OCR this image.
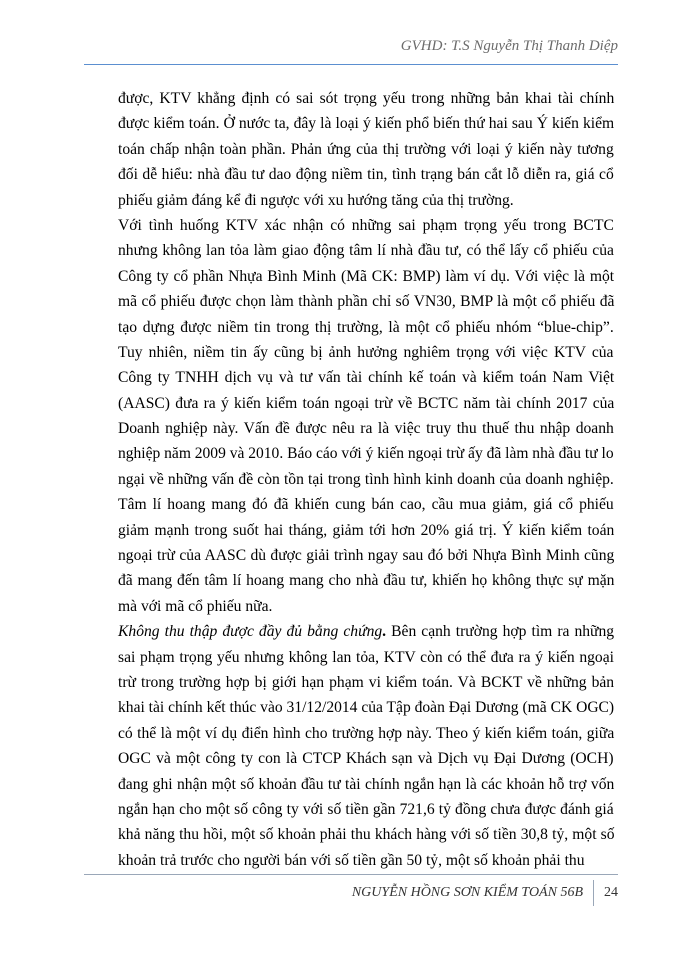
GVHD: T.S Nguyễn Thị Thanh Diệp
được, KTV khẳng định có sai sót trọng yếu trong những bản khai tài chính
được kiểm toán. Ở nước ta, đây là loại ý kiến phổ biến thứ hai sau Ý kiến kiểm
toán chấp nhận toàn phần. Phản ứng của thị trường với loại ý kiến này tương
đối dễ hiểu: nhà đầu tư dao động niềm tin, tình trạng bán cắt lỗ diễn ra, giá cổ
phiếu giảm đáng kể đi ngược với xu hướng tăng của thị trường.
Với tình huống KTV xác nhận có những sai phạm trọng yếu trong BCTC
nhưng không lan tỏa làm giao động tâm lí nhà đầu tư, có thể lấy cổ phiếu của
Công ty cổ phần Nhựa Bình Minh (Mã CK: BMP) làm ví dụ. Với việc là một
mã cổ phiếu được chọn làm thành phần chỉ số VN30, BMP là một cổ phiếu đã
tạo dựng được niềm tin trong thị trường, là một cổ phiếu nhóm “blue-chip”.
Tuy nhiên, niềm tin ấy cũng bị ảnh hưởng nghiêm trọng với việc KTV của
Công ty TNHH dịch vụ và tư vấn tài chính kế toán và kiểm toán Nam Việt
(AASC) đưa ra ý kiến kiểm toán ngoại trừ về BCTC năm tài chính 2017 của
Doanh nghiệp này. Vấn đề được nêu ra là việc truy thu thuế thu nhập doanh
nghiệp năm 2009 và 2010. Báo cáo với ý kiến ngoại trừ ấy đã làm nhà đầu tư lo
ngại về những vấn đề còn tồn tại trong tình hình kinh doanh của doanh nghiệp.
Tâm lí hoang mang đó đã khiến cung bán cao, cầu mua giảm, giá cổ phiếu
giảm mạnh trong suốt hai tháng, giảm tới hơn 20% giá trị. Ý kiến kiểm toán
ngoại trừ của AASC dù được giải trình ngay sau đó bởi Nhựa Bình Minh cũng
đã mang đến tâm lí hoang mang cho nhà đầu tư, khiến họ không thực sự mặn
mà với mã cổ phiếu nữa.
Không thu thập được đầy đủ bằng chứng. Bên cạnh trường hợp tìm ra những
sai phạm trọng yếu nhưng không lan tỏa, KTV còn có thể đưa ra ý kiến ngoại
trừ trong trường hợp bị giới hạn phạm vi kiểm toán. Và BCKT về những bản
khai tài chính kết thúc vào 31/12/2014 của Tập đoàn Đại Dương (mã CK OGC)
có thể là một ví dụ điển hình cho trường hợp này. Theo ý kiến kiểm toán, giữa
OGC và một công ty con là CTCP Khách sạn và Dịch vụ Đại Dương (OCH)
đang ghi nhận một số khoản đầu tư tài chính ngắn hạn là các khoản hỗ trợ vốn
ngắn hạn cho một số công ty với số tiền gần 721,6 tỷ đồng chưa được đánh giá
khả năng thu hồi, một số khoản phải thu khách hàng với số tiền 30,8 tỷ, một số
khoản trả trước cho người bán với số tiền gần 50 tỷ, một số khoản phải thu
NGUYỄN HỒNG SƠN KIỂM TOÁN 56B	24
